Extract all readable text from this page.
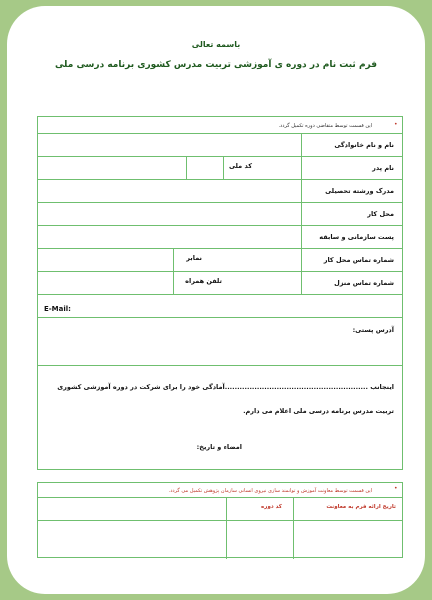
باسمه تعالی
فرم ثبت نام در دوره ی آموزشی تربیت مدرس کشوری برنامه درسی ملی
•
این قسمت توسط متقاضی دوره تکمیل گردد.
نام و نام خانوادگی
نام پدر
کد ملی
مدرک ورشته تحصیلی
محل کار
پست سازمانی و سابقه
شماره تماس محل کار
نمابر
شماره تماس منزل
تلفن همراه
E-Mail:
آدرس پستی:
اینجانب ..........................................................آمادگی خود را برای شرکت در دوره آموزشی کشوری
تربیت مدرس برنامه درسی ملی اعلام می دارم.
امضاء و تاریخ:
•
این قسمت توسط معاونت آموزش و توانمند سازی نیروی انسانی سازمان پژوهش تکمیل می گردد.
تاریخ ارائه فرم به معاونت
کد دوره
